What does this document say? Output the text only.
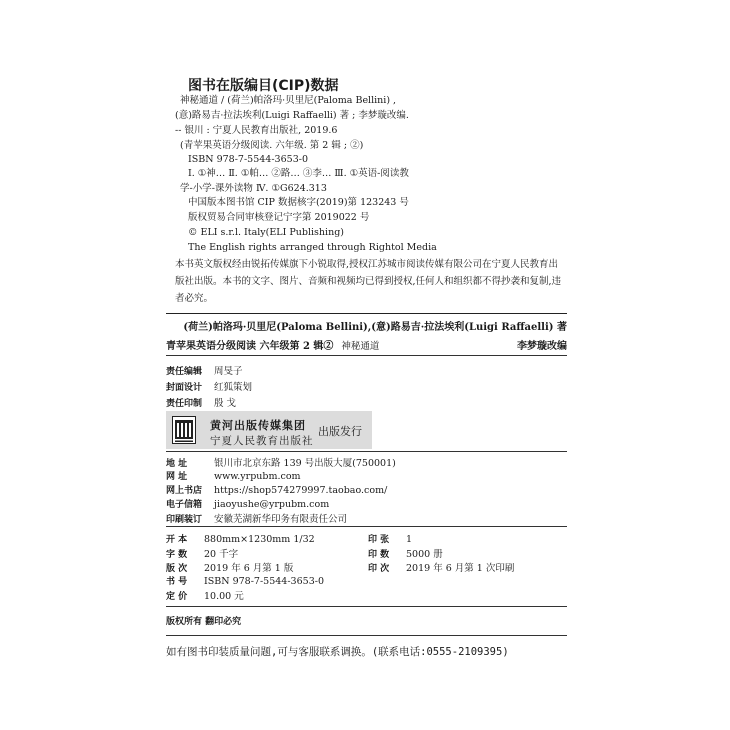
图书在版编目(CIP)数据
神秘通道 / (荷兰)帕洛玛·贝里尼(Paloma Bellini) ,
(意)路易吉·拉法埃利(Luigi Raffaelli) 著 ; 李梦璇改编.
-- 银川 : 宁夏人民教育出版社, 2019.6
(青苹果英语分级阅读. 六年级. 第 2 辑 ; ②)
ISBN 978-7-5544-3653-0
Ⅰ. ①神… Ⅱ. ①帕… ②路… ③李… Ⅲ. ①英语-阅读教
学-小学-课外读物 Ⅳ. ①G624.313
中国版本图书馆 CIP 数据核字(2019)第 123243 号
版权贸易合同审核登记宁字第 2019022 号
© ELI s.r.l. Italy(ELI Publishing)
The English rights arranged through Rightol Media
本书英文版权经由锐拓传媒旗下小锐取得,授权江苏城市阅读传媒有限公司在宁夏人民教育出版社出版。本书的文字、图片、音频和视频均已得到授权,任何人和组织都不得抄袭和复制,违者必究。
(荷兰)帕洛玛·贝里尼(Paloma Bellini),(意)路易吉·拉法埃利(Luigi Raffaelli) 著
青苹果英语分级阅读 六年级第 2 辑② 神秘通道	李梦璇改编
责任编辑 周旻子
封面设计 红狐策划
责任印制 殷 戈
黄河出版传媒集团
宁夏人民教育出版社
出版发行
地 址	银川市北京东路 139 号出版大厦(750001)
网 址	www.yrpubm.com
网上书店 https://shop574279997.taobao.com/
电子信箱 jiaoyushe@yrpubm.com
印刷装订 安徽芜湖新华印务有限责任公司
开 本 880mm×1230mm 1/32
字 数 20 千字
版 次 2019 年 6 月第 1 版
书 号 ISBN 978-7-5544-3653-0
定 价 10.00 元
印 张 1
印 数 5000 册
印 次 2019 年 6 月第 1 次印刷
版权所有 翻印必究
如有图书印装质量问题,可与客服联系调换。(联系电话:0555-2109395)
